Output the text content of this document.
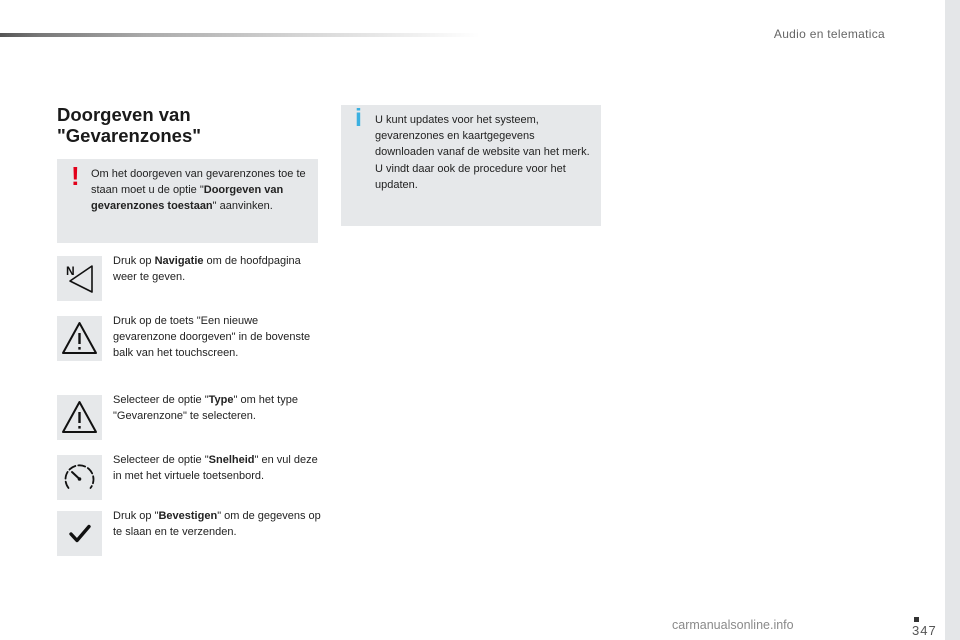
Audio en telematica
Doorgeven van "Gevarenzones"
! Om het doorgeven van gevarenzones toe te staan moet u de optie "Doorgeven van gevarenzones toestaan" aanvinken.
i U kunt updates voor het systeem, gevarenzones en kaartgegevens downloaden vanaf de website van het merk.
U vindt daar ook de procedure voor het updaten.
N
Druk op Navigatie om de hoofdpagina weer te geven.
Druk op de toets "Een nieuwe gevarenzone doorgeven" in de bovenste balk van het touchscreen.
Selecteer de optie "Type" om het type "Gevarenzone" te selecteren.
Selecteer de optie "Snelheid" en vul deze in met het virtuele toetsenbord.
Druk op "Bevestigen" om de gegevens op te slaan en te verzenden.
347
carmanualsonline.info
